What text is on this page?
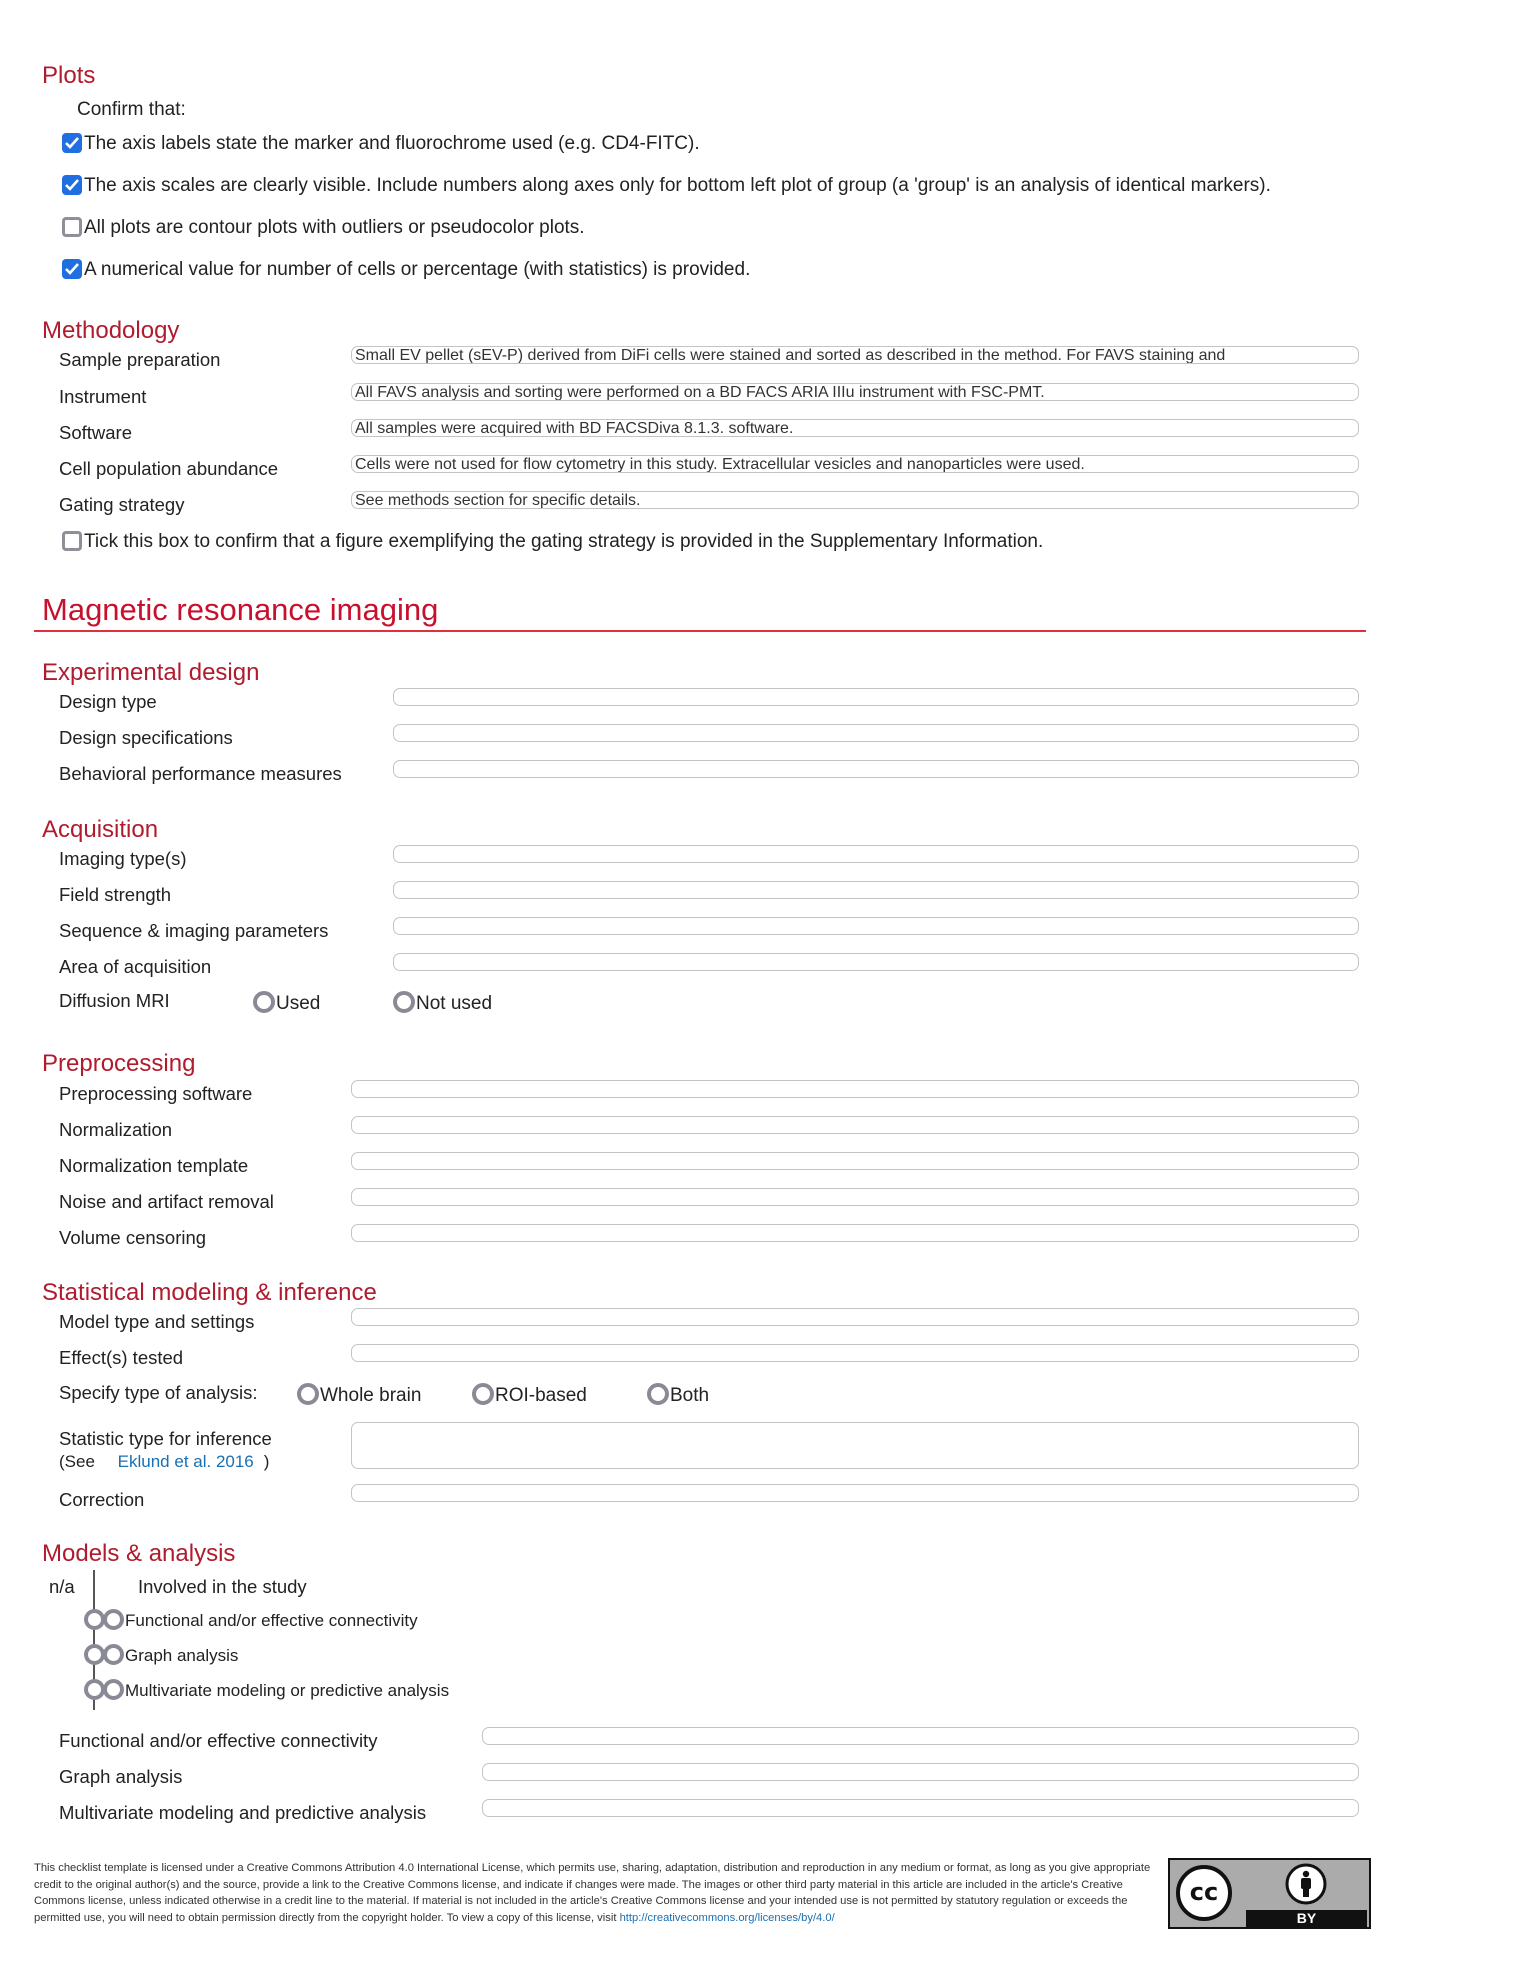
Plots
Confirm that:
The axis labels state the marker and fluorochrome used (e.g. CD4-FITC).
The axis scales are clearly visible. Include numbers along axes only for bottom left plot of group (a 'group' is an analysis of identical markers).
All plots are contour plots with outliers or pseudocolor plots.
A numerical value for number of cells or percentage (with statistics) is provided.
Methodology
Sample preparation	Small EV pellet (sEV-P) derived from DiFi cells were stained and sorted as described in the method. For FAVS staining and
Instrument	All FAVS analysis and sorting were performed on a BD FACS ARIA IIIu instrument with FSC-PMT.
Software	All samples were acquired with BD FACSDiva 8.1.3. software.
Cell population abundance	Cells were not used for flow cytometry in this study. Extracellular vesicles and nanoparticles were used.
Gating strategy	See methods section for specific details.
Tick this box to confirm that a figure exemplifying the gating strategy is provided in the Supplementary Information.
Magnetic resonance imaging
Experimental design
Design type
Design specifications
Behavioral performance measures
Acquisition
Imaging type(s)
Field strength
Sequence & imaging parameters
Area of acquisition
Diffusion MRI	Used	Not used
Preprocessing
Preprocessing software
Normalization
Normalization template
Noise and artifact removal
Volume censoring
Statistical modeling & inference
Model type and settings
Effect(s) tested
Specify type of analysis:	Whole brain	ROI-based	Both
Statistic type for inference
(See Eklund et al. 2016 )
Correction
Models & analysis
n/a	Involved in the study
Functional and/or effective connectivity
Graph analysis
Multivariate modeling or predictive analysis
Functional and/or effective connectivity
Graph analysis
Multivariate modeling and predictive analysis
This checklist template is licensed under a Creative Commons Attribution 4.0 International License, which permits use, sharing, adaptation, distribution and reproduction in any medium or format, as long as you give appropriate credit to the original author(s) and the source, provide a link to the Creative Commons license, and indicate if changes were made. The images or other third party material in this article are included in the article's Creative Commons license, unless indicated otherwise in a credit line to the material. If material is not included in the article's Creative Commons license and your intended use is not permitted by statutory regulation or exceeds the permitted use, you will need to obtain permission directly from the copyright holder. To view a copy of this license, visit http://creativecommons.org/licenses/by/4.0/
cc
BY
